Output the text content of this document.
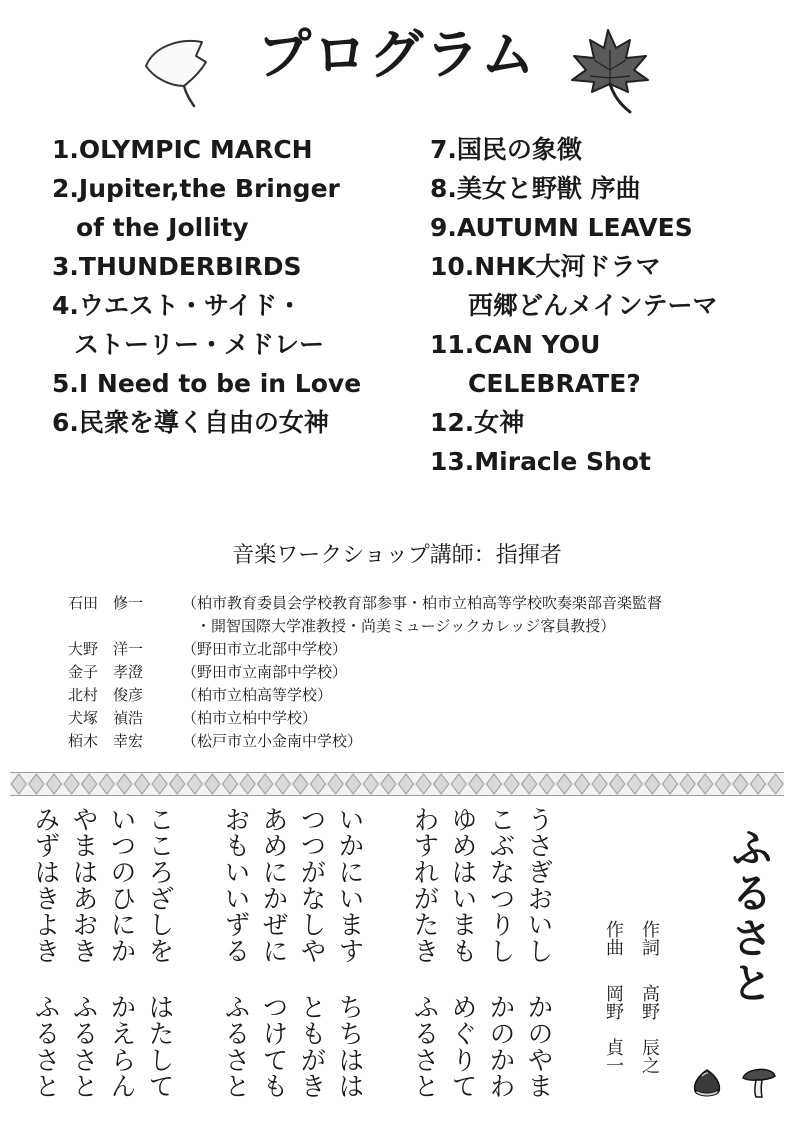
プログラム
1.OLYMPIC MARCH
2.Jupiter,the Bringer
of the Jollity
3.THUNDERBIRDS
4.ウエスト・サイド・
ストーリー・メドレー
5.I Need to be in Love
6.民衆を導く自由の女神
7.国民の象徴
8.美女と野獣 序曲
9.AUTUMN LEAVES
10.NHK大河ドラマ
西郷どんメインテーマ
11.CAN YOU
CELEBRATE?
12.女神
13.Miracle Shot
音楽ワークショップ講師：指揮者
石田　修一	（柏市教育委員会学校教育部参事・柏市立柏高等学校吹奏楽部音楽監督
・開智国際大学准教授・尚美ミュージックカレッジ客員教授）
大野　洋一	（野田市立北部中学校）
金子　孝澄	（野田市立南部中学校）
北村　俊彦	（柏市立柏高等学校）
犬塚　禎浩	（柏市立柏中学校）
栢木　幸宏	（松戸市立小金南中学校）
ふるさと
作詞高野　辰之
作曲岡野　貞一
うさぎおいしかのやま
こぶなつりしかのかわ
ゆめはいまもめぐりて
わすれがたきふるさと
いかにいますちちはは
つつがなしやともがき
あめにかぜにつけても
おもいいずるふるさと
こころざしをはたして
いつのひにかかえらん
やまはあおきふるさと
みずはきよきふるさと
